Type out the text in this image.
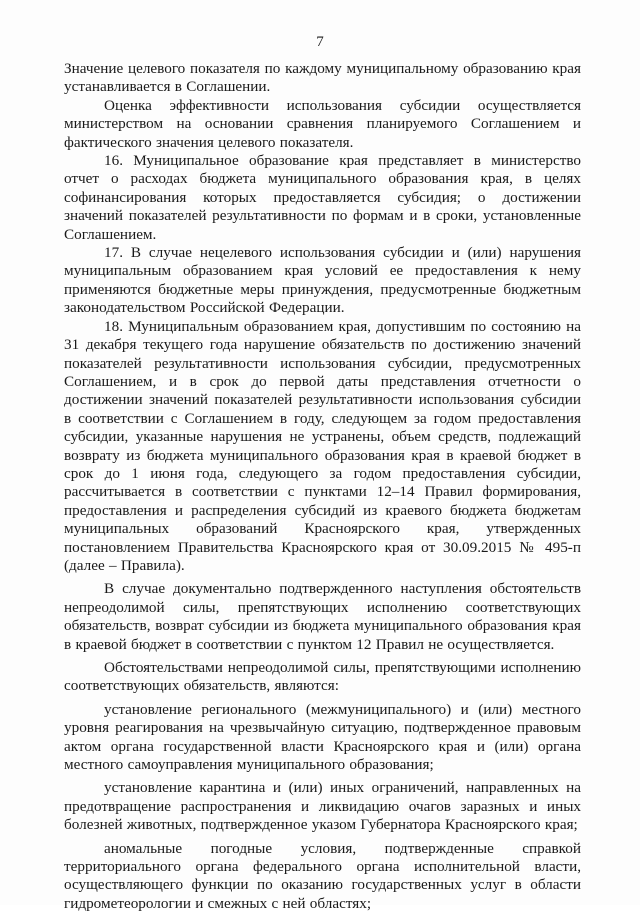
7

Значение целевого показателя по каждому муниципальному образованию края устанавливается в Соглашении.

Оценка эффективности использования субсидии осуществляется министерством на основании сравнения планируемого Соглашением и фактического значения целевого показателя.

16. Муниципальное образование края представляет в министерство отчет о расходах бюджета муниципального образования края, в целях софинансирования которых предоставляется субсидия; о достижении значений показателей результативности по формам и в сроки, установленные Соглашением.

17. В случае нецелевого использования субсидии и (или) нарушения муниципальным образованием края условий ее предоставления к нему применяются бюджетные меры принуждения, предусмотренные бюджетным законодательством Российской Федерации.

18. Муниципальным образованием края, допустившим по состоянию на 31 декабря текущего года нарушение обязательств по достижению значений показателей результативности использования субсидии, предусмотренных Соглашением, и в срок до первой даты представления отчетности о достижении значений показателей результативности использования субсидии в соответствии с Соглашением в году, следующем за годом предоставления субсидии, указанные нарушения не устранены, объем средств, подлежащий возврату из бюджета муниципального образования края в краевой бюджет в срок до 1 июня года, следующего за годом предоставления субсидии, рассчитывается в соответствии с пунктами 12–14 Правил формирования, предоставления и распределения субсидий из краевого бюджета бюджетам муниципальных образований Красноярского края, утвержденных постановлением Правительства Красноярского края от 30.09.2015 № 495-п (далее – Правила).

В случае документально подтвержденного наступления обстоятельств непреодолимой силы, препятствующих исполнению соответствующих обязательств, возврат субсидии из бюджета муниципального образования края в краевой бюджет в соответствии с пунктом 12 Правил не осуществляется.

Обстоятельствами непреодолимой силы, препятствующими исполнению соответствующих обязательств, являются:

установление регионального (межмуниципального) и (или) местного уровня реагирования на чрезвычайную ситуацию, подтвержденное правовым актом органа государственной власти Красноярского края и (или) органа местного самоуправления муниципального образования;

установление карантина и (или) иных ограничений, направленных на предотвращение распространения и ликвидацию очагов заразных и иных болезней животных, подтвержденное указом Губернатора Красноярского края;

аномальные погодные условия, подтвержденные справкой территориального органа федерального органа исполнительной власти, осуществляющего функции по оказанию государственных услуг в области гидрометеорологии и смежных с ней областях;
